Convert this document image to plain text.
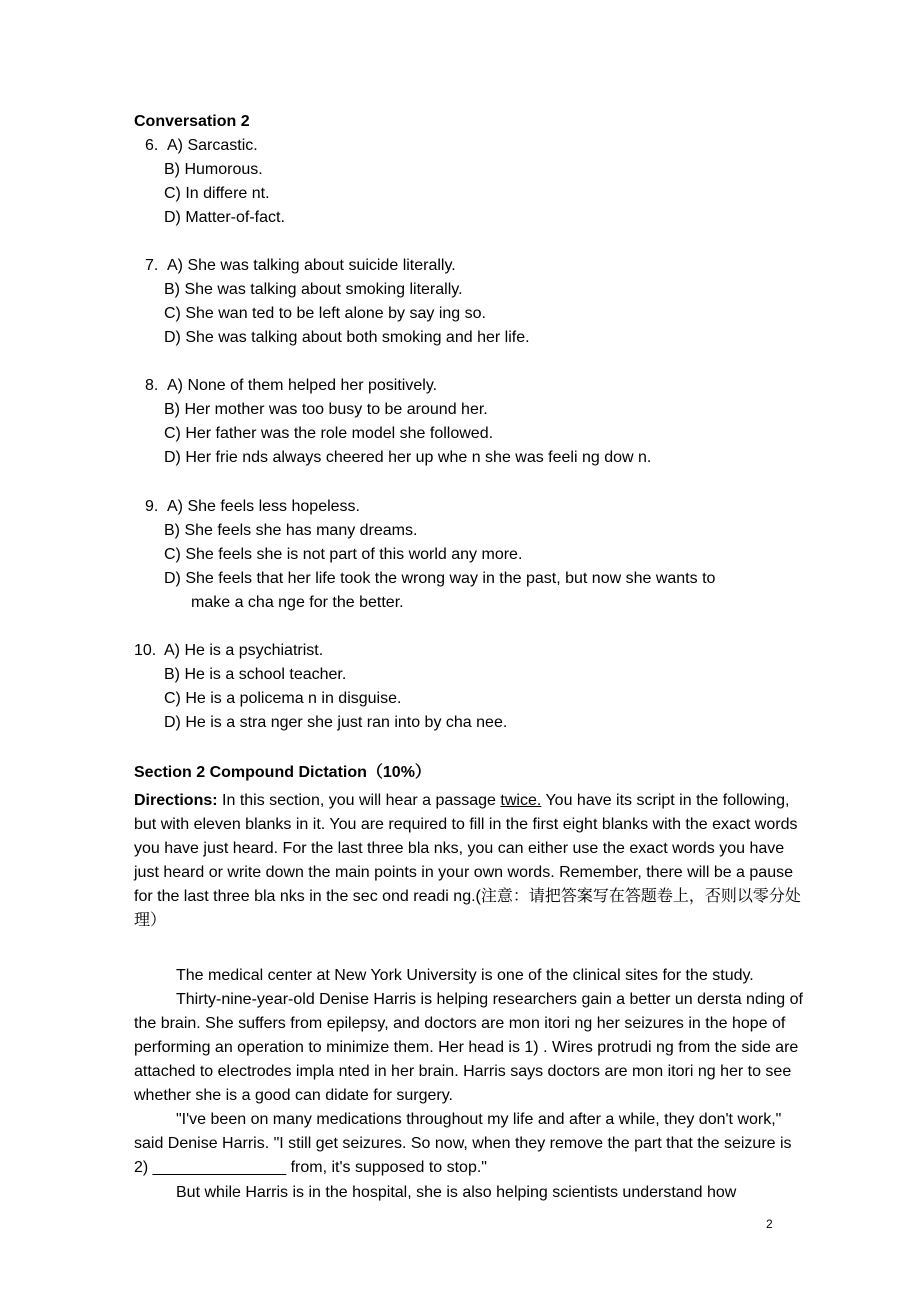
Conversation 2
6. A) Sarcastic.
B) Humorous.
C) In differe nt.
D) Matter-of-fact.
7. A) She was talking about suicide literally.
B) She was talking about smoking literally.
C) She wan ted to be left alone by say ing so.
D) She was talking about both smoking and her life.
8. A) None of them helped her positively.
B) Her mother was too busy to be around her.
C) Her father was the role model she followed.
D) Her frie nds always cheered her up whe n she was feeli ng dow n.
9. A) She feels less hopeless.
B) She feels she has many dreams.
C) She feels she is not part of this world any more.
D) She feels that her life took the wrong way in the past, but now she wants to
make a cha nge for the better.
10. A) He is a psychiatrist.
B) He is a school teacher.
C) He is a policema n in disguise.
D) He is a stra nger she just ran into by cha nee.
Section 2 Compound Dictation（10%）
Directions: In this section, you will hear a passage twice. You have its script in the following, but with eleven blanks in it. You are required to fill in the first eight blanks with the exact words you have just heard. For the last three bla nks, you can either use the exact words you have just heard or write down the main points in your own words. Remember, there will be a pause for the last three bla nks in the sec ond readi ng.(注意：请把答案写在答题卷上，否则以零分处理）
The medical center at New York University is one of the clinical sites for the study.
Thirty-nine-year-old Denise Harris is helping researchers gain a better un dersta nding of the brain. She suffers from epilepsy, and doctors are mon itori ng her seizures in the hope of performing an operation to minimize them. Her head is 1) . Wires protrudi ng from the side are attached to electrodes impla nted in her brain. Harris says doctors are mon itori ng her to see whether she is a good can didate for surgery.
"I've been on many medications throughout my life and after a while, they don't work," said Denise Harris. "I still get seizures. So now, when they remove the part that the seizure is 2) _______________ from, it's supposed to stop."
But while Harris is in the hospital, she is also helping scientists understand how
2
